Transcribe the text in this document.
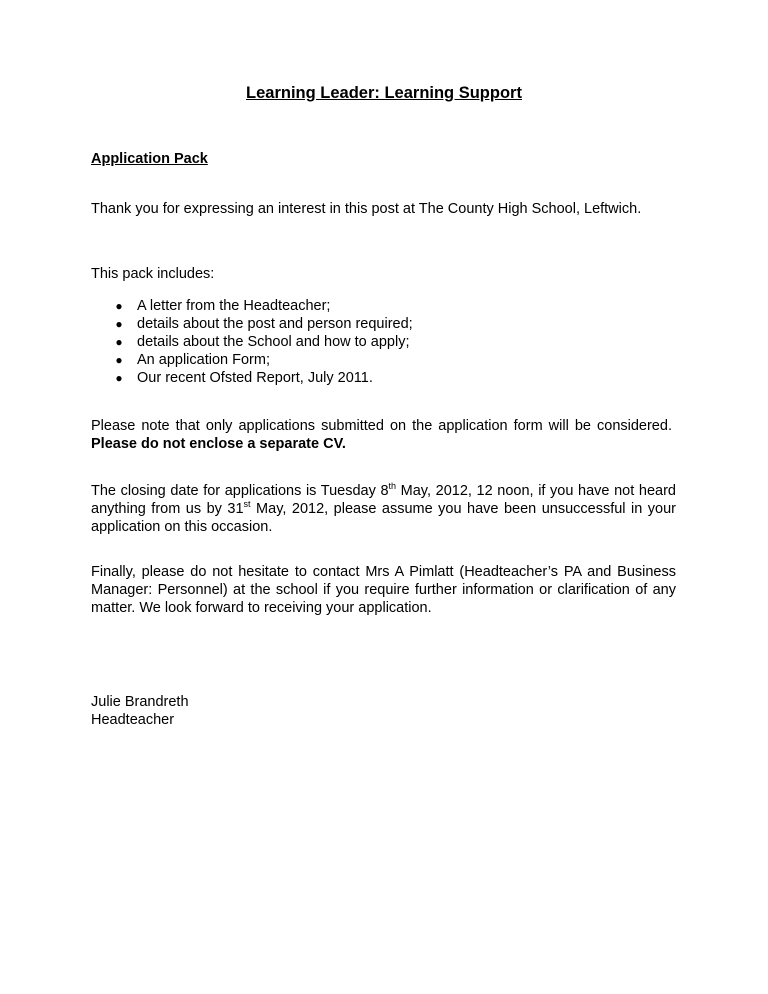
Learning Leader: Learning Support
Application Pack

Thank you for expressing an interest in this post at The County High School, Leftwich.

This pack includes:

● A letter from the Headteacher;
● details about the post and person required;
● details about the School and how to apply;
● An application Form;
● Our recent Ofsted Report, July 2011.

Please note that only applications submitted on the application form will be considered.  Please do not enclose a separate CV.

The closing date for applications is Tuesday 8th May, 2012, 12 noon, if you have not heard anything from us by 31st May, 2012, please assume you have been unsuccessful in your application on this occasion.

Finally, please do not hesitate to contact Mrs A Pimlatt (Headteacher’s PA and Business Manager: Personnel) at the school if you require further information or clarification of any matter. We look forward to receiving your application.

Julie Brandreth
Headteacher
